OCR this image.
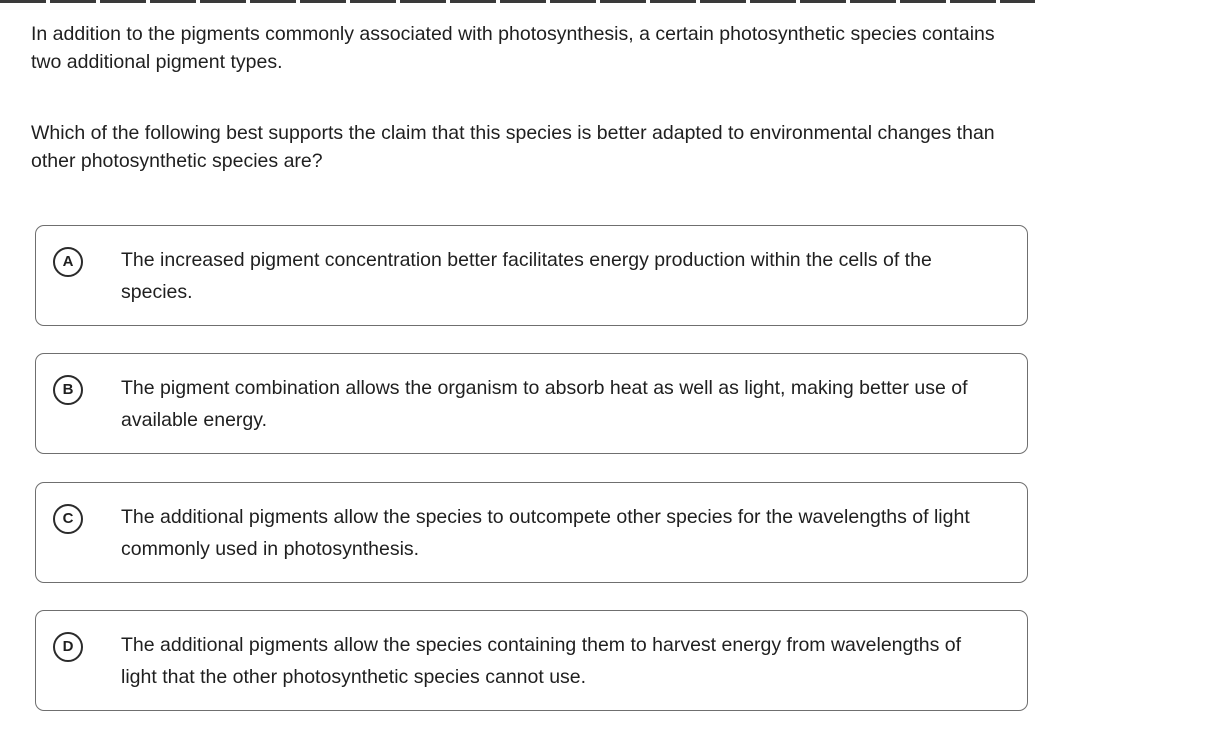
In addition to the pigments commonly associated with photosynthesis, a certain photosynthetic species contains two additional pigment types.

Which of the following best supports the claim that this species is better adapted to environmental changes than other photosynthetic species are?

A	The increased pigment concentration better facilitates energy production within the cells of the species.
B	The pigment combination allows the organism to absorb heat as well as light, making better use of available energy.
C	The additional pigments allow the species to outcompete other species for the wavelengths of light commonly used in photosynthesis.
D	The additional pigments allow the species containing them to harvest energy from wavelengths of light that the other photosynthetic species cannot use.
